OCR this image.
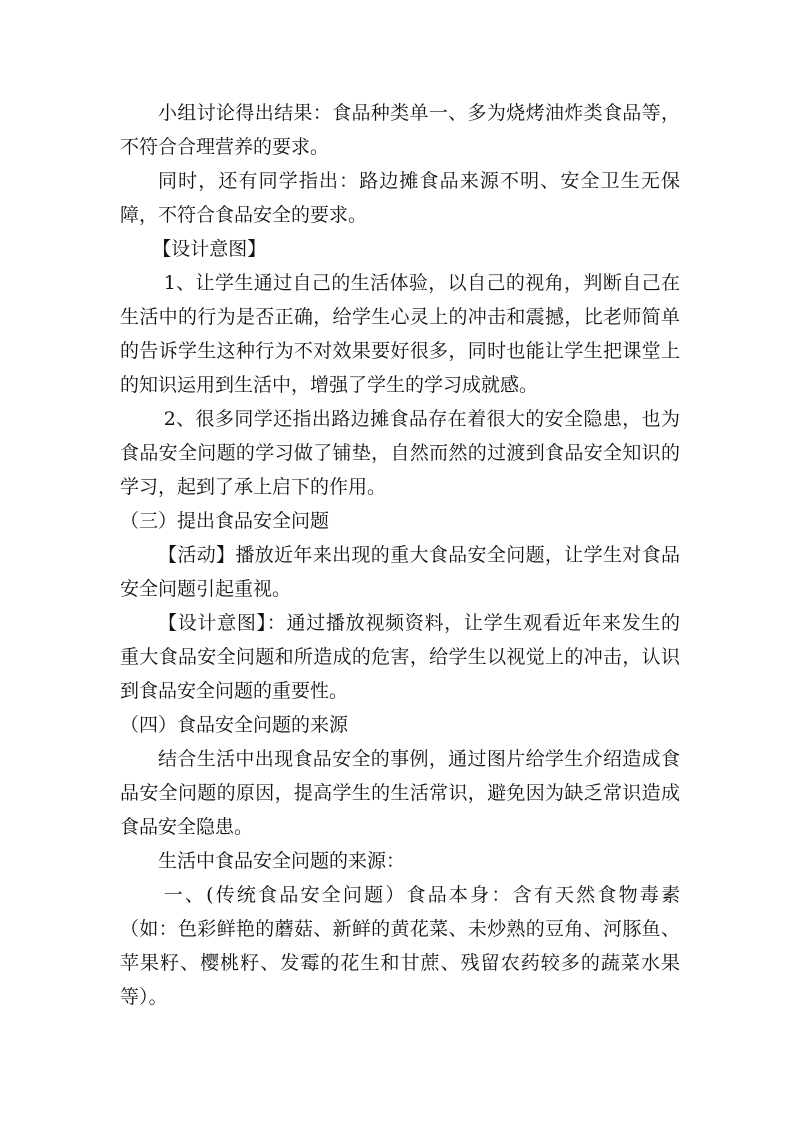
小组讨论得出结果：食品种类单一、多为烧烤油炸类食品等，不符合合理营养的要求。

同时，还有同学指出：路边摊食品来源不明、安全卫生无保障，不符合食品安全的要求。

【设计意图】

1、让学生通过自己的生活体验，以自己的视角，判断自己在生活中的行为是否正确，给学生心灵上的冲击和震撼，比老师简单的告诉学生这种行为不对效果要好很多，同时也能让学生把课堂上的知识运用到生活中，增强了学生的学习成就感。

2、很多同学还指出路边摊食品存在着很大的安全隐患，也为食品安全问题的学习做了铺垫，自然而然的过渡到食品安全知识的学习，起到了承上启下的作用。

（三）提出食品安全问题

【活动】播放近年来出现的重大食品安全问题，让学生对食品安全问题引起重视。

【设计意图】：通过播放视频资料，让学生观看近年来发生的重大食品安全问题和所造成的危害，给学生以视觉上的冲击，认识到食品安全问题的重要性。

（四）食品安全问题的来源

结合生活中出现食品安全的事例，通过图片给学生介绍造成食品安全问题的原因，提高学生的生活常识，避免因为缺乏常识造成食品安全隐患。

生活中食品安全问题的来源：

一、(传统食品安全问题）食品本身：含有天然食物毒素（如：色彩鲜艳的蘑菇、新鲜的黄花菜、未炒熟的豆角、河豚鱼、苹果籽、樱桃籽、发霉的花生和甘蔗、残留农药较多的蔬菜水果等）。
